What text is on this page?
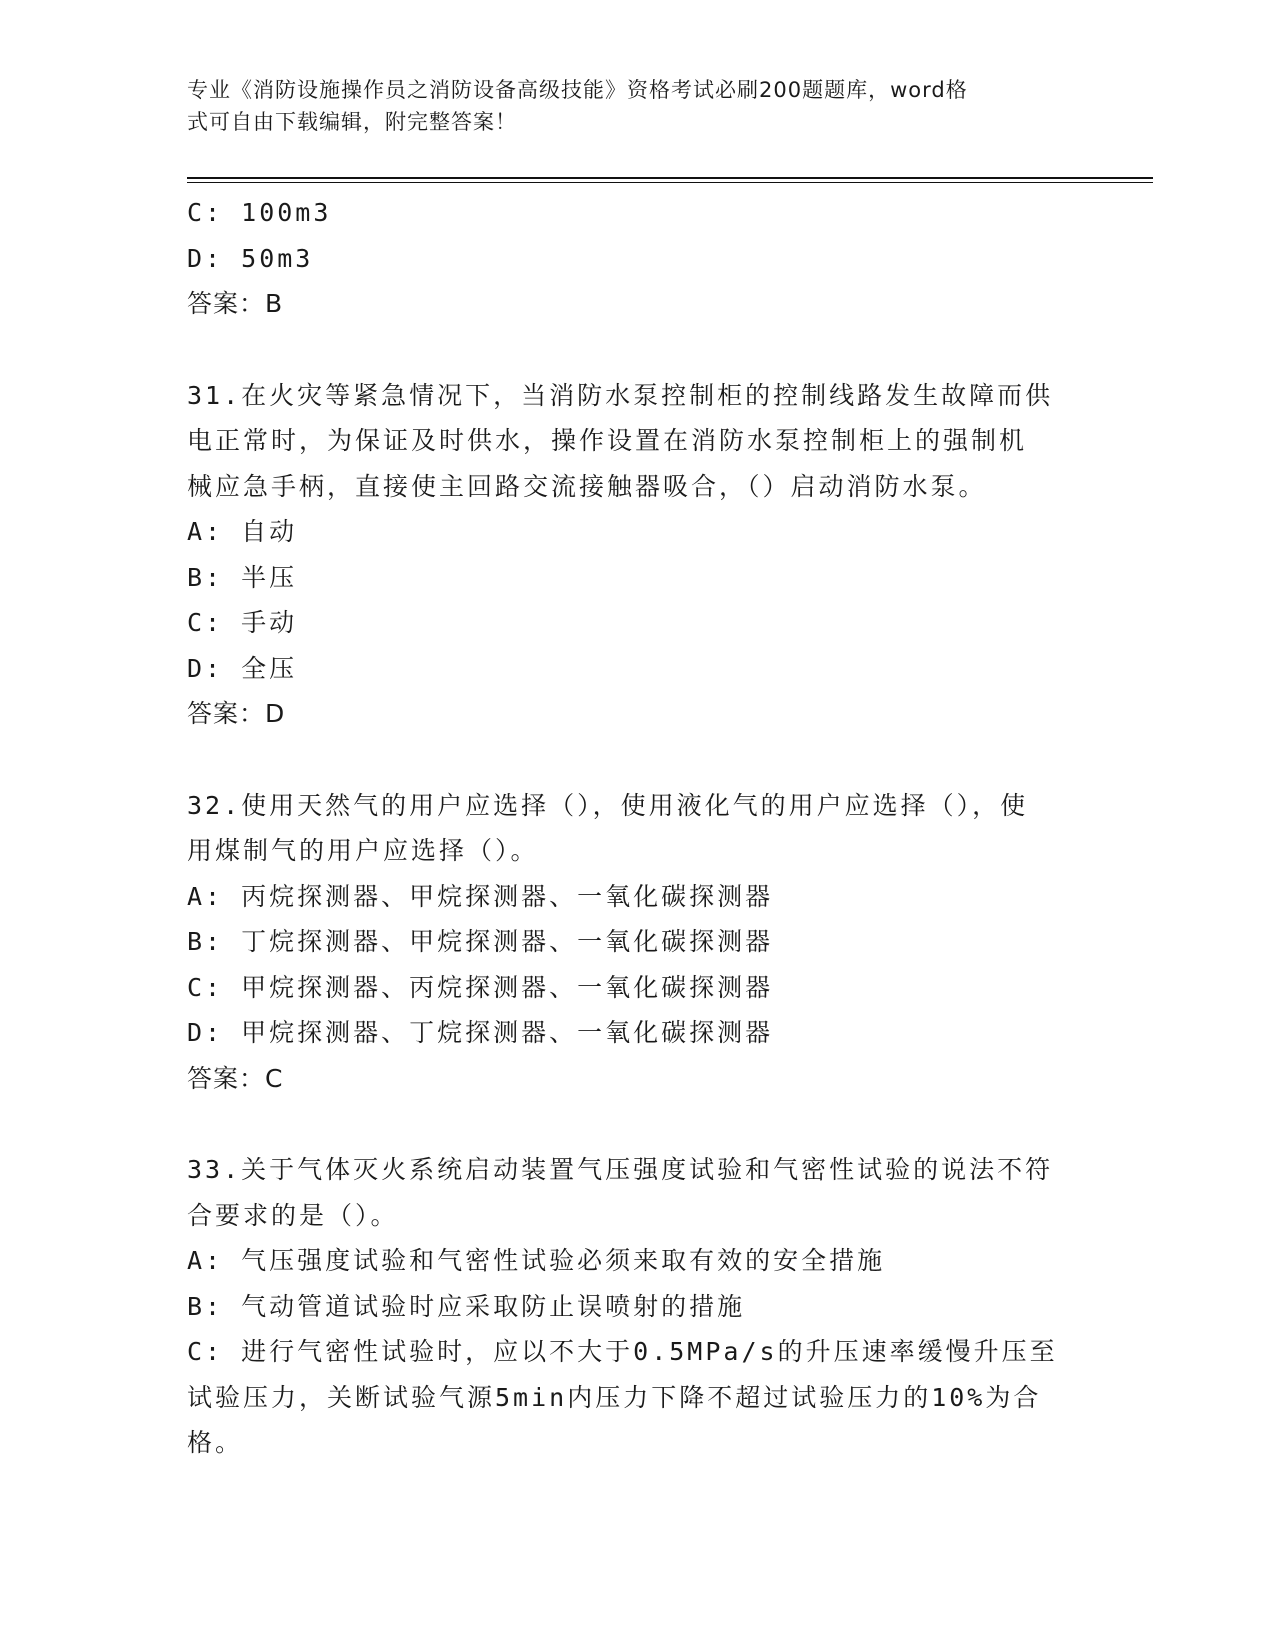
专业《消防设施操作员之消防设备高级技能》资格考试必刷200题题库，word格
式可自由下载编辑，附完整答案！
C: 100m3
D: 50m3
答案：B
31.在火灾等紧急情况下，当消防水泵控制柜的控制线路发生故障而供
电正常时，为保证及时供水，操作设置在消防水泵控制柜上的强制机
械应急手柄，直接使主回路交流接触器吸合，（）启动消防水泵。
A: 自动
B: 半压
C: 手动
D: 全压
答案：D
32.使用天然气的用户应选择（），使用液化气的用户应选择（），使
用煤制气的用户应选择（）。
A: 丙烷探测器、甲烷探测器、一氧化碳探测器
B: 丁烷探测器、甲烷探测器、一氧化碳探测器
C: 甲烷探测器、丙烷探测器、一氧化碳探测器
D: 甲烷探测器、丁烷探测器、一氧化碳探测器
答案：C
33.关于气体灭火系统启动装置气压强度试验和气密性试验的说法不符
合要求的是（）。
A: 气压强度试验和气密性试验必须来取有效的安全措施
B: 气动管道试验时应采取防止误喷射的措施
C: 进行气密性试验时，应以不大于0.5MPa/s的升压速率缓慢升压至
试验压力，关断试验气源5min内压力下降不超过试验压力的10%为合
格。
